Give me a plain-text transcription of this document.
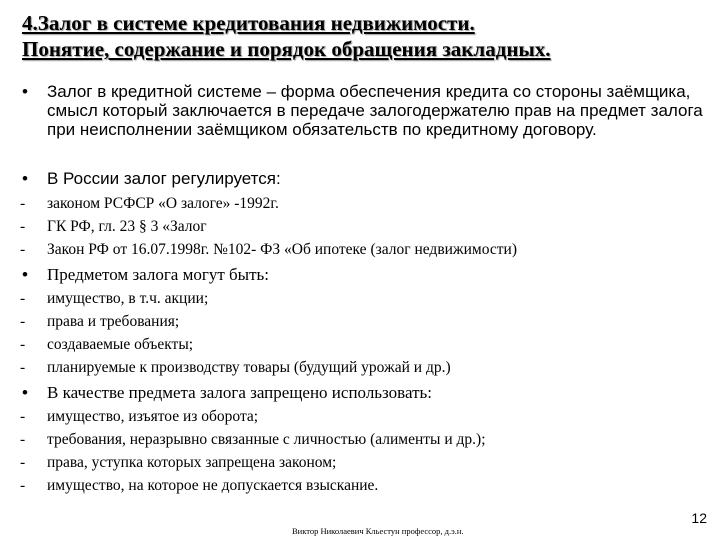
4.Залог в системе кредитования недвижимости.
Понятие, содержание и порядок обращения закладных.
• Залог в кредитной системе – форма обеспечения кредита со стороны заёмщика, смысл который заключается в передаче залогодержателю прав на предмет залога при неисполнении заёмщиком обязательств по кредитному договору.
• В России залог регулируется:
- законом РСФСР «О залоге» -1992г.
- ГК РФ, гл. 23 § 3 «Залог
- Закон РФ от 16.07.1998г. №102- ФЗ «Об ипотеке (залог недвижимости)
• Предметом залога могут быть:
- имущество, в т.ч. акции;
- права и требования;
- создаваемые объекты;
- планируемые к производству товары (будущий урожай и др.)
• В качестве предмета залога запрещено использовать:
- имущество, изъятое из оборота;
- требования, неразрывно связанные с личностью (алименты и др.);
- права, уступка которых запрещена законом;
- имущество, на которое не допускается взыскание.
12
Виктор Николаевич Кльестун профессор, д.э.н.
